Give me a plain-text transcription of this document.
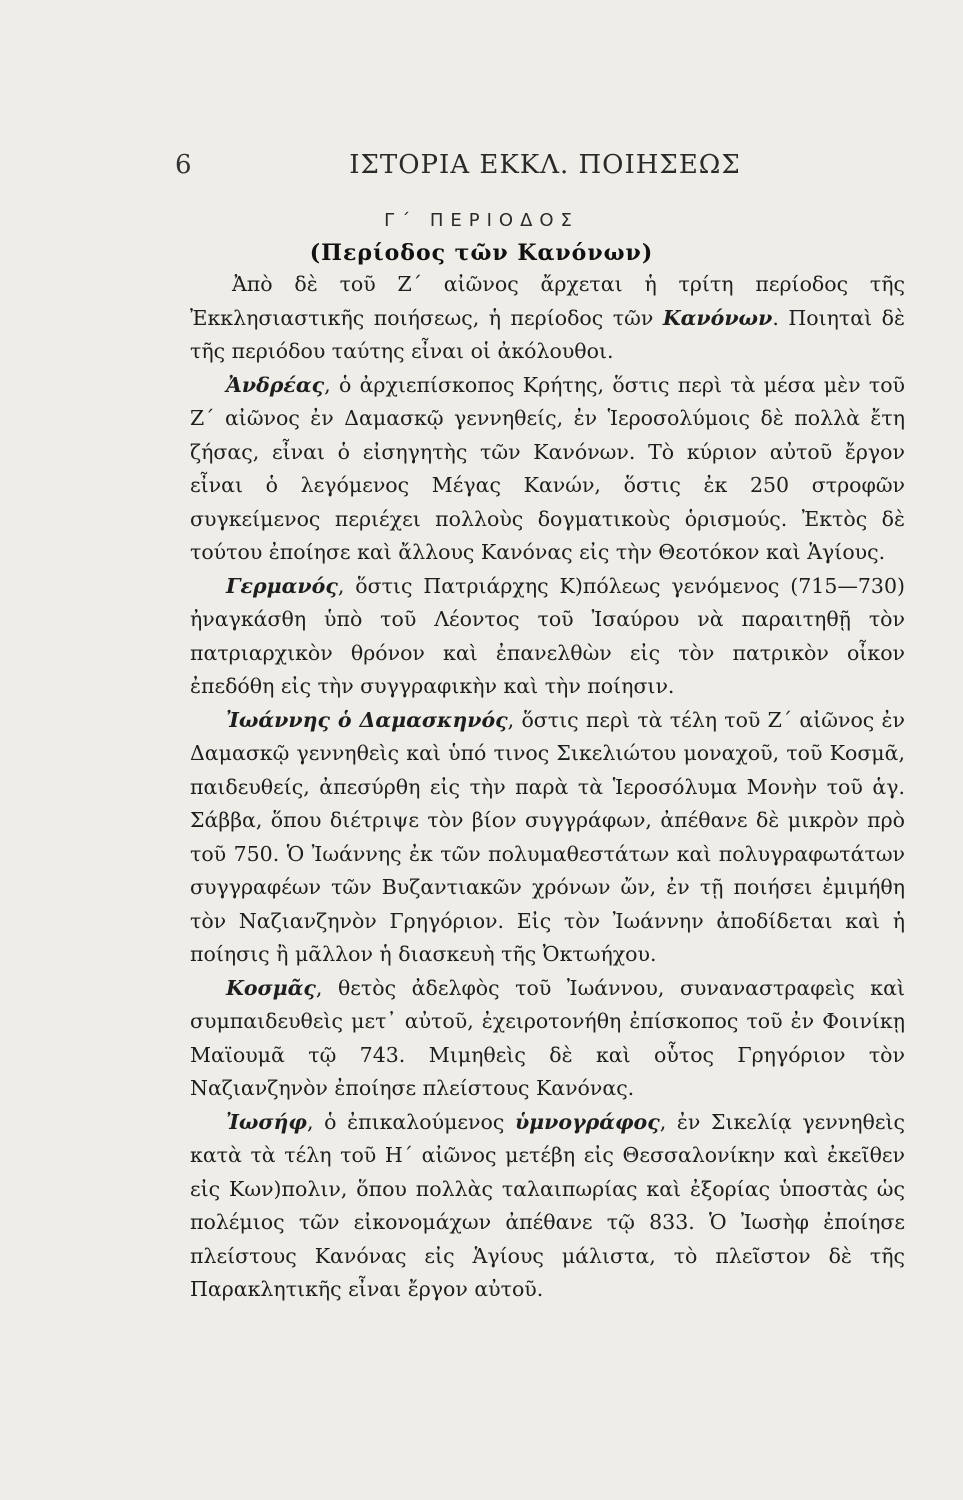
6	ΙΣΤΟΡΙΑ ΕΚΚΛ. ΠΟΙΗΣΕΩΣ
Γ΄ ΠΕΡΙΟΔΟΣ
(Περίοδος τῶν Κανόνων)

Ἀπὸ δὲ τοῦ Ζ΄ αἰῶνος ἄρχεται ἡ τρίτη περίοδος τῆς Ἐκκλησιαστικῆς ποιήσεως, ἡ περίοδος τῶν Κανόνων. Ποιηταὶ δὲ τῆς περιόδου ταύτης εἶναι οἱ ἀκόλουθοι.

Ἀνδρέας, ὁ ἀρχιεπίσκοπος Κρήτης, ὅστις περὶ τὰ μέσα μὲν τοῦ Ζ΄ αἰῶνος ἐν Δαμασκῷ γεννηθείς, ἐν Ἱεροσολύμοις δὲ πολλὰ ἔτη ζήσας, εἶναι ὁ εἰσηγητὴς τῶν Κανόνων. Τὸ κύριον αὐτοῦ ἔργον εἶναι ὁ λεγόμενος Μέγας Κανών, ὅστις ἐκ 250 στροφῶν συγκείμενος περιέχει πολλοὺς δογματικοὺς ὁρισμούς. Ἐκτὸς δὲ τούτου ἐποίησε καὶ ἄλλους Κανόνας εἰς τὴν Θεοτόκον καὶ Ἁγίους.

Γερμανός, ὅστις Πατριάρχης Κ)πόλεως γενόμενος (715—730) ἠναγκάσθη ὑπὸ τοῦ Λέοντος τοῦ Ἰσαύρου νὰ παραιτηθῇ τὸν πατριαρχικὸν θρόνον καὶ ἐπανελθὼν εἰς τὸν πατρικὸν οἶκον ἐπεδόθη εἰς τὴν συγγραφικὴν καὶ τὴν ποίησιν.

Ἰωάννης ὁ Δαμασκηνός, ὅστις περὶ τὰ τέλη τοῦ Ζ΄ αἰῶνος ἐν Δαμασκῷ γεννηθεὶς καὶ ὑπό τινος Σικελιώτου μοναχοῦ, τοῦ Κοσμᾶ, παιδευθείς, ἀπεσύρθη εἰς τὴν παρὰ τὰ Ἱεροσόλυμα Μονὴν τοῦ ἁγ. Σάββα, ὅπου διέτριψε τὸν βίον συγγράφων, ἀπέθανε δὲ μικρὸν πρὸ τοῦ 750. Ὁ Ἰωάννης ἐκ τῶν πολυμαθεστάτων καὶ πολυγραφωτάτων συγγραφέων τῶν Βυζαντιακῶν χρόνων ὤν, ἐν τῇ ποιήσει ἐμιμήθη τὸν Ναζιανζηνὸν Γρηγόριον. Εἰς τὸν Ἰωάννην ἀποδίδεται καὶ ἡ ποίησις ἢ μᾶλλον ἡ διασκευὴ τῆς Ὀκτωήχου.

Κοσμᾶς, θετὸς ἀδελφὸς τοῦ Ἰωάννου, συναναστραφεὶς καὶ συμπαιδευθεὶς μετ᾽ αὐτοῦ, ἐχειροτονήθη ἐπίσκοπος τοῦ ἐν Φοινίκῃ Μαϊουμᾶ τῷ 743. Μιμηθεὶς δὲ καὶ οὗτος Γρηγόριον τὸν Ναζιανζηνὸν ἐποίησε πλείστους Κανόνας.

Ἰωσήφ, ὁ ἐπικαλούμενος ὑμνογράφος, ἐν Σικελίᾳ γεννηθεὶς κατὰ τὰ τέλη τοῦ Η΄ αἰῶνος μετέβη εἰς Θεσσαλονίκην καὶ ἐκεῖθεν εἰς Κων)πολιν, ὅπου πολλὰς ταλαιπωρίας καὶ ἐξορίας ὑποστὰς ὡς πολέμιος τῶν εἰκονομάχων ἀπέθανε τῷ 833. Ὁ Ἰωσὴφ ἐποίησε πλείστους Κανόνας εἰς Ἁγίους μάλιστα, τὸ πλεῖστον δὲ τῆς Παρακλητικῆς εἶναι ἔργον αὐτοῦ.
